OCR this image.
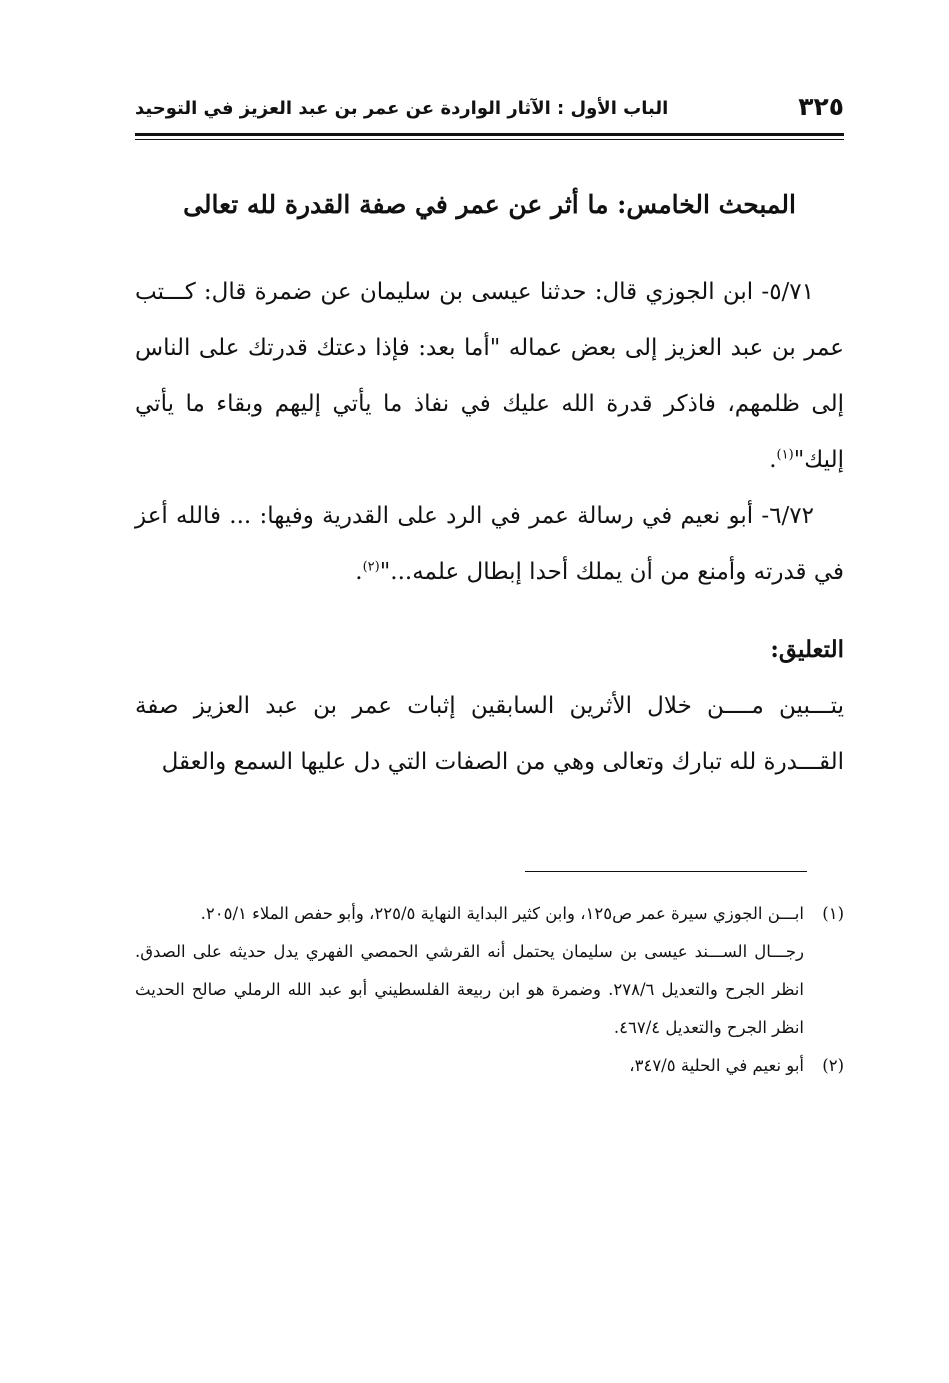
٣٢٥
الباب الأول : الآثار الواردة عن عمر بن عبد العزيز في التوحيد
المبحث الخامس: ما أثر عن عمر في صفة القدرة لله تعالى

٥/٧١- ابن الجوزي قال: حدثنا عيسى بن سليمان عن ضمرة قال: كـــتب عمر بن عبد العزيز إلى بعض عماله "أما بعد: فإذا دعتك قدرتك على الناس إلى ظلمهم، فاذكر قدرة الله عليك في نفاذ ما يأتي إليهم وبقاء ما يأتي إليك"$^{(١)}$.

٦/٧٢- أبو نعيم في رسالة عمر في الرد على القدرية وفيها: ... فالله أعز في قدرته وأمنع من أن يملك أحدا إبطال علمه..."$^{(٢)}$.

التعليق:

يتـــبين مــــن خلال الأثرين السابقين إثبات عمر بن عبد العزيز صفة القـــدرة لله تبارك وتعالى وهي من الصفات التي دل عليها السمع والعقل

(١)
ابـــن الجوزي سيرة عمر ص١٢٥، وابن كثير البداية النهاية ٢٢٥/٥، وأبو حفص الملاء ٢٠٥/١.

رجـــال الســـند عيسى بن سليمان يحتمل أنه القرشي الحمصي الفهري يدل حديثه على الصدق. انظر الجرح والتعديل ٢٧٨/٦. وضمرة هو ابن ربيعة الفلسطيني أبو عبد الله الرملي صالح الحديث انظر الجرح والتعديل ٤٦٧/٤.

(٢)
أبو نعيم في الحلية ٣٤٧/٥،
